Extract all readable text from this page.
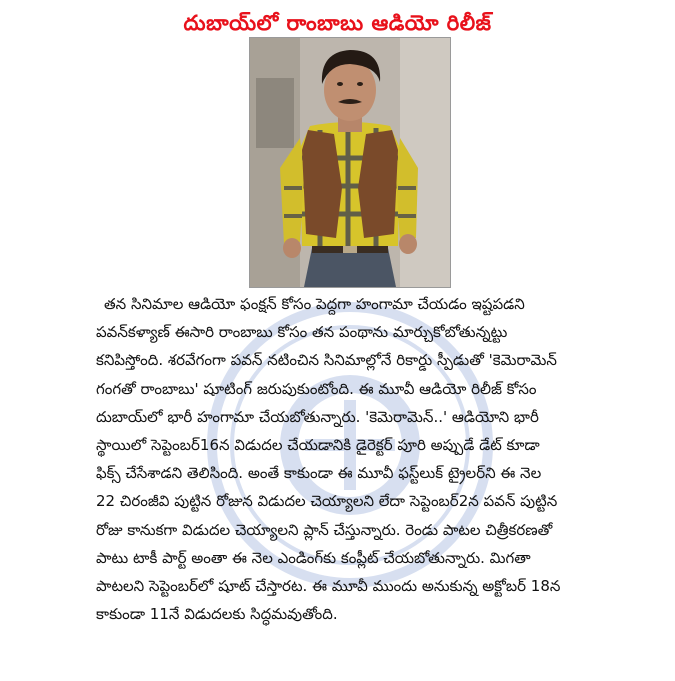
దుబాయ్‌లో రాంబాబు ఆడియో రిలీజ్
తన సినిమాల ఆడియో ఫంక్షన్ కోసం పెద్దగా హంగామా చేయడం ఇష్టపడని
పవన్‌కళ్యాణ్ ఈసారి రాంబాబు కోసం తన పంథాను మార్చుకోబోతున్నట్టు
కనిపిస్తోంది. శరవేగంగా పవన్ నటించిన సినిమాల్లోనే రికార్డు స్పీడుతో 'కెమెరామెన్
గంగతో రాంబాబు' షూటింగ్ జరుపుకుంటోంది. ఈ మూవీ ఆడియో రిలీజ్ కోసం
దుబాయ్‌లో భారీ హంగామా చేయబోతున్నారు. 'కెమెరామెన్..' ఆడియోని భారీ
స్థాయిలో సెప్టెంబర్16న విడుదల చేయడానికి డైరెక్టర్ పూరి అప్పుడే డేట్ కూడా
ఫిక్స్ చేసేశాడని తెలిసింది. అంతే కాకుండా ఈ మూవీ ఫస్ట్‌లుక్ ట్రైలర్‌ని ఈ నెల
22 చిరంజీవి పుట్టిన రోజున విడుదల చెయ్యాలని లేదా సెప్టెంబర్2న పవన్ పుట్టిన
రోజు కానుకగా విడుదల చెయ్యాలని ప్లాన్ చేస్తున్నారు. రెండు పాటల చిత్రీకరణతో
పాటు టాకీ పార్ట్ అంతా ఈ నెల ఎండింగ్‌కు కంప్లీట్ చేయబోతున్నారు. మిగతా
పాటలని సెప్టెంబర్‌లో షూట్ చేస్తారట. ఈ మూవీ ముందు అనుకున్న అక్టోబర్ 18న
కాకుండా 11నే విడుదలకు సిద్ధమవుతోంది.
